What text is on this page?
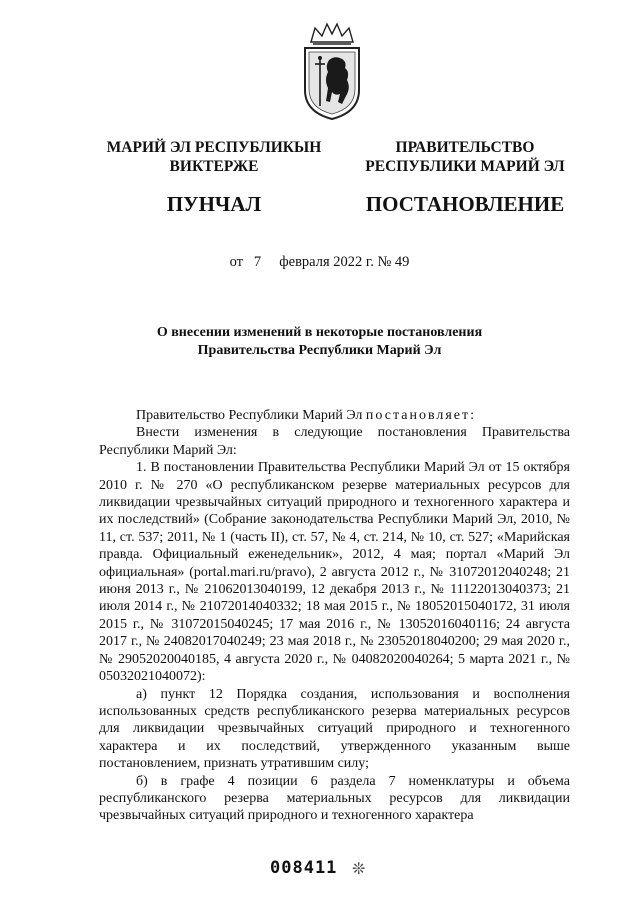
МАРИЙ ЭЛ РЕСПУБЛИКЫН
ВИКТЕРЖЕ
ПУНЧАЛ
ПРАВИТЕЛЬСТВО
РЕСПУБЛИКИ МАРИЙ ЭЛ
ПОСТАНОВЛЕНИЕ
от 7 февраля 2022 г. № 49
О внесении изменений в некоторые постановления
Правительства Республики Марий Эл

Правительство Республики Марий Эл постановляет:

Внести изменения в следующие постановления Правительства Республики Марий Эл:

1. В постановлении Правительства Республики Марий Эл от 15 октября 2010 г. № 270 «О республиканском резерве материальных ресурсов для ликвидации чрезвычайных ситуаций природного и техногенного характера и их последствий» (Собрание законодательства Республики Марий Эл, 2010, № 11, ст. 537; 2011, № 1 (часть II), ст. 57, № 4, ст. 214, № 10, ст. 527; «Марийская правда. Официальный еженедельник», 2012, 4 мая; портал «Марий Эл официальная» (portal.mari.ru/pravo), 2 августа 2012 г., № 31072012040248; 21 июня 2013 г., № 21062013040199, 12 декабря 2013 г., № 11122013040373; 21 июля 2014 г., № 21072014040332; 18 мая 2015 г., № 18052015040172, 31 июля 2015 г., № 31072015040245; 17 мая 2016 г., № 13052016040116; 24 августа 2017 г., № 24082017040249; 23 мая 2018 г., № 23052018040200; 29 мая 2020 г., № 29052020040185, 4 августа 2020 г., № 04082020040264; 5 марта 2021 г., № 05032021040072):

а) пункт 12 Порядка создания, использования и восполнения использованных средств республиканского резерва материальных ресурсов для ликвидации чрезвычайных ситуаций природного и техногенного характера и их последствий, утвержденного указанным выше постановлением, признать утратившим силу;

б) в графе 4 позиции 6 раздела 7 номенклатуры и объема республиканского резерва материальных ресурсов для ликвидации чрезвычайных ситуаций природного и техногенного характера

008411 ❊
